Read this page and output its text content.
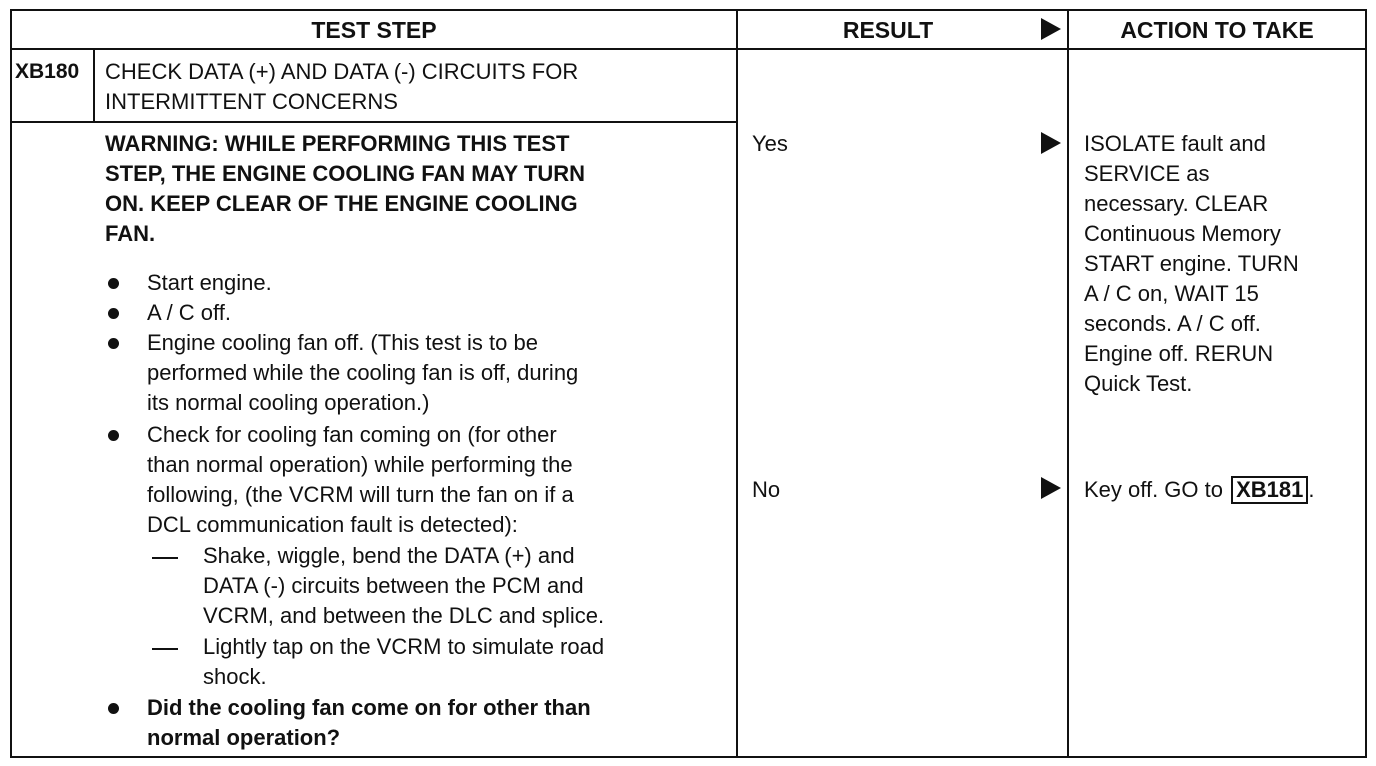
TEST STEP	RESULT	ACTION TO TAKE
XB180 CHECK DATA (+) AND DATA (-) CIRCUITS FOR
INTERMITTENT CONCERNS
WARNING: WHILE PERFORMING THIS TEST
STEP, THE ENGINE COOLING FAN MAY TURN
ON. KEEP CLEAR OF THE ENGINE COOLING
FAN.
Start engine.
A / C off.
Engine cooling fan off. (This test is to be
performed while the cooling fan is off, during
its normal cooling operation.)
Check for cooling fan coming on (for other
than normal operation) while performing the
following, (the VCRM will turn the fan on if a
DCL communication fault is detected):
Shake, wiggle, bend the DATA (+) and
DATA (-) circuits between the PCM and
VCRM, and between the DLC and splice.
Lightly tap on the VCRM to simulate road
shock.
Did the cooling fan come on for other than
normal operation?
Yes
No
ISOLATE fault and
SERVICE as
necessary. CLEAR
Continuous Memory
START engine. TURN
A / C on, WAIT 15
seconds. A / C off.
Engine off. RERUN
Quick Test.
Key off. GO to XB181 .
